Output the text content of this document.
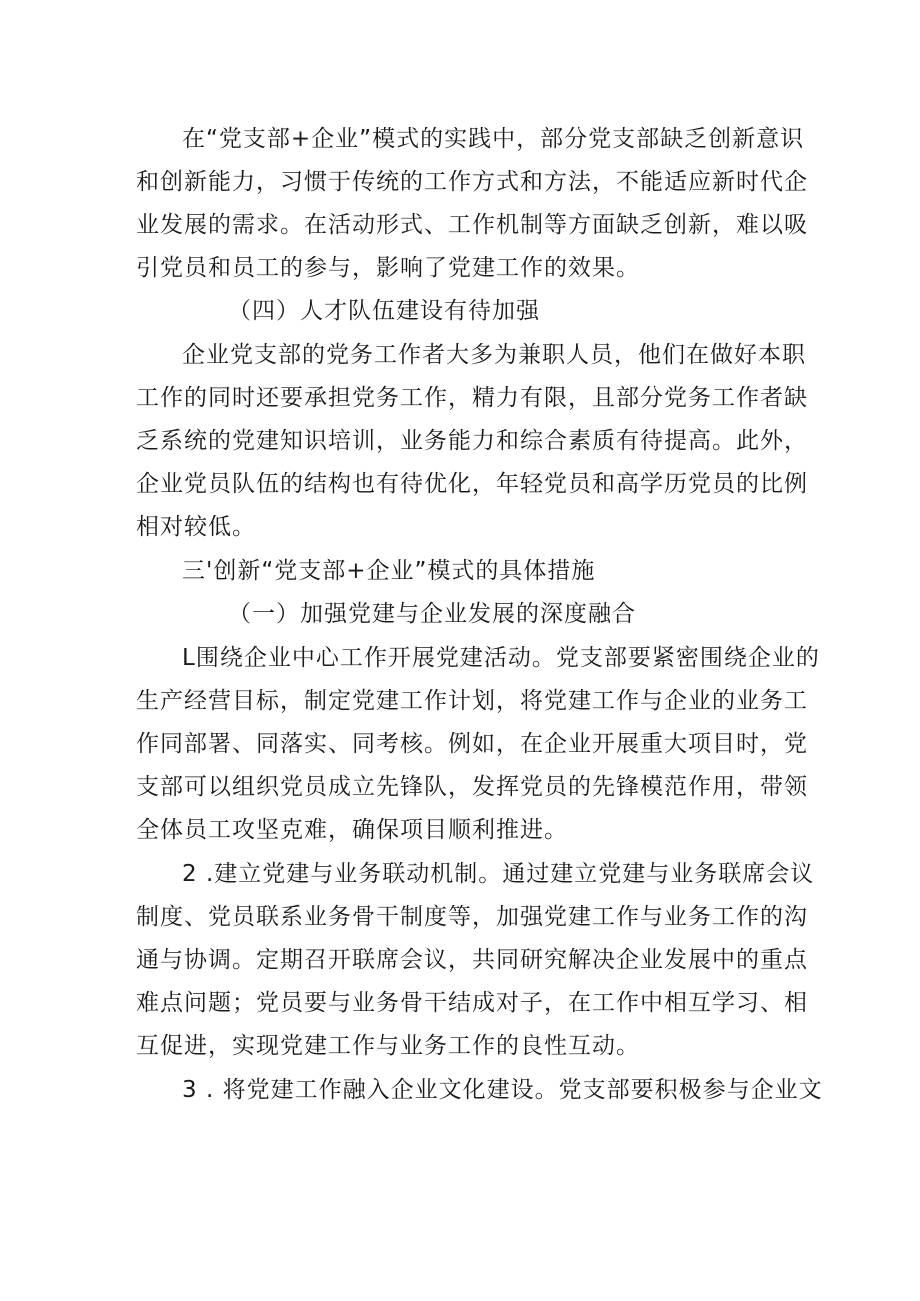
在“党支部+企业”模式的实践中，部分党支部缺乏创新意识
和创新能力，习惯于传统的工作方式和方法，不能适应新时代企
业发展的需求。在活动形式、工作机制等方面缺乏创新，难以吸
引党员和员工的参与，影响了党建工作的效果。
（四）人才队伍建设有待加强
企业党支部的党务工作者大多为兼职人员，他们在做好本职
工作的同时还要承担党务工作，精力有限，且部分党务工作者缺
乏系统的党建知识培训，业务能力和综合素质有待提高。此外，
企业党员队伍的结构也有待优化，年轻党员和高学历党员的比例
相对较低。
三'创新“党支部+企业”模式的具体措施
（一）加强党建与企业发展的深度融合
L围绕企业中心工作开展党建活动。党支部要紧密围绕企业的
生产经营目标，制定党建工作计划，将党建工作与企业的业务工
作同部署、同落实、同考核。例如，在企业开展重大项目时，党
支部可以组织党员成立先锋队，发挥党员的先锋模范作用，带领
全体员工攻坚克难，确保项目顺利推进。
2 .建立党建与业务联动机制。通过建立党建与业务联席会议
制度、党员联系业务骨干制度等，加强党建工作与业务工作的沟
通与协调。定期召开联席会议，共同研究解决企业发展中的重点
难点问题；党员要与业务骨干结成对子，在工作中相互学习、相
互促进，实现党建工作与业务工作的良性互动。
3 . 将党建工作融入企业文化建设。党支部要积极参与企业文
